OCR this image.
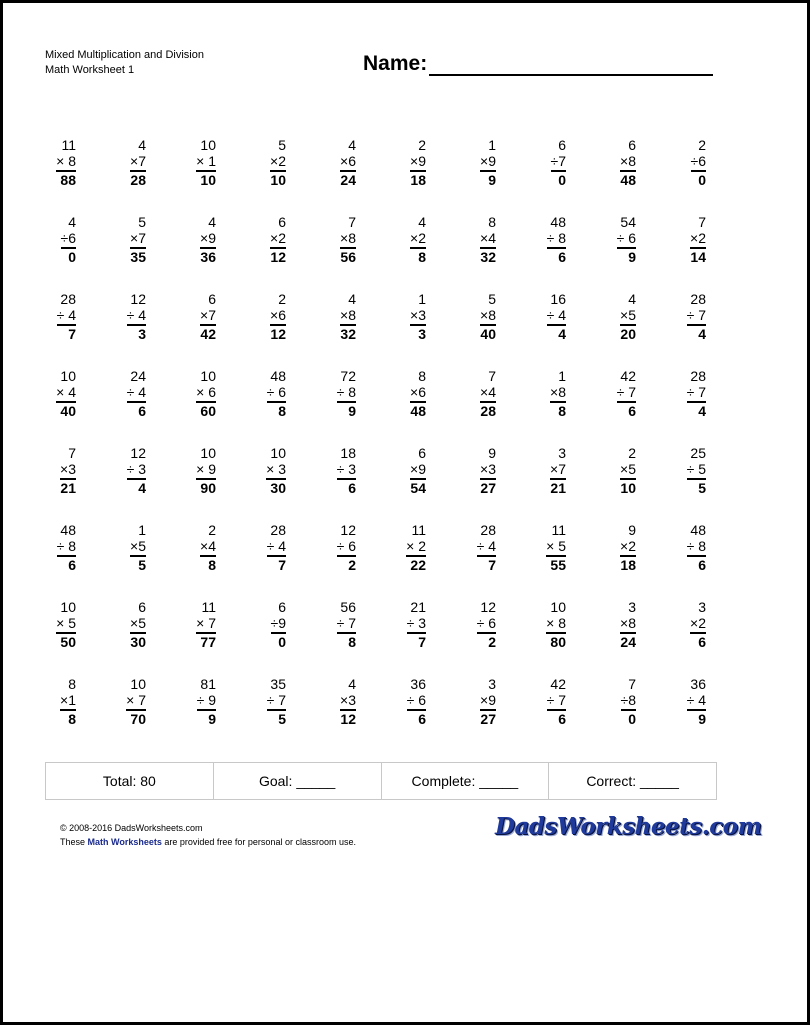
Mixed Multiplication and Division
Math Worksheet 1	Name:
11
× 8
88
4
×7
28
10
× 1
10
5
×2
10
4
×6
24
2
×9
18
1
×9
9
6
÷7
0
6
×8
48
2
÷6
0
4
÷6
0
5
×7
35
4
×9
36
6
×2
12
7
×8
56
4
×2
8
8
×4
32
48
÷ 8
6
54
÷ 6
9
7
×2
14
28
÷ 4
7
12
÷ 4
3
6
×7
42
2
×6
12
4
×8
32
1
×3
3
5
×8
40
16
÷ 4
4
4
×5
20
28
÷ 7
4
10
× 4
40
24
÷ 4
6
10
× 6
60
48
÷ 6
8
72
÷ 8
9
8
×6
48
7
×4
28
1
×8
8
42
÷ 7
6
28
÷ 7
4
7
×3
21
12
÷ 3
4
10
× 9
90
10
× 3
30
18
÷ 3
6
6
×9
54
9
×3
27
3
×7
21
2
×5
10
25
÷ 5
5
48
÷ 8
6
1
×5
5
2
×4
8
28
÷ 4
7
12
÷ 6
2
11
× 2
22
28
÷ 4
7
11
× 5
55
9
×2
18
48
÷ 8
6
10
× 5
50
6
×5
30
11
× 7
77
6
÷9
0
56
÷ 7
8
21
÷ 3
7
12
÷ 6
2
10
× 8
80
3
×8
24
3
×2
6
8
×1
8
10
× 7
70
81
÷ 9
9
35
÷ 7
5
4
×3
12
36
÷ 6
6
3
×9
27
42
÷ 7
6
7
÷8
0
36
÷ 4
9
Total: 80	Goal: _____	Complete: _____	Correct: _____
© 2008-2016 DadsWorksheets.com
These Math Worksheets are provided free for personal or classroom use.
DadsWorksheets.com
